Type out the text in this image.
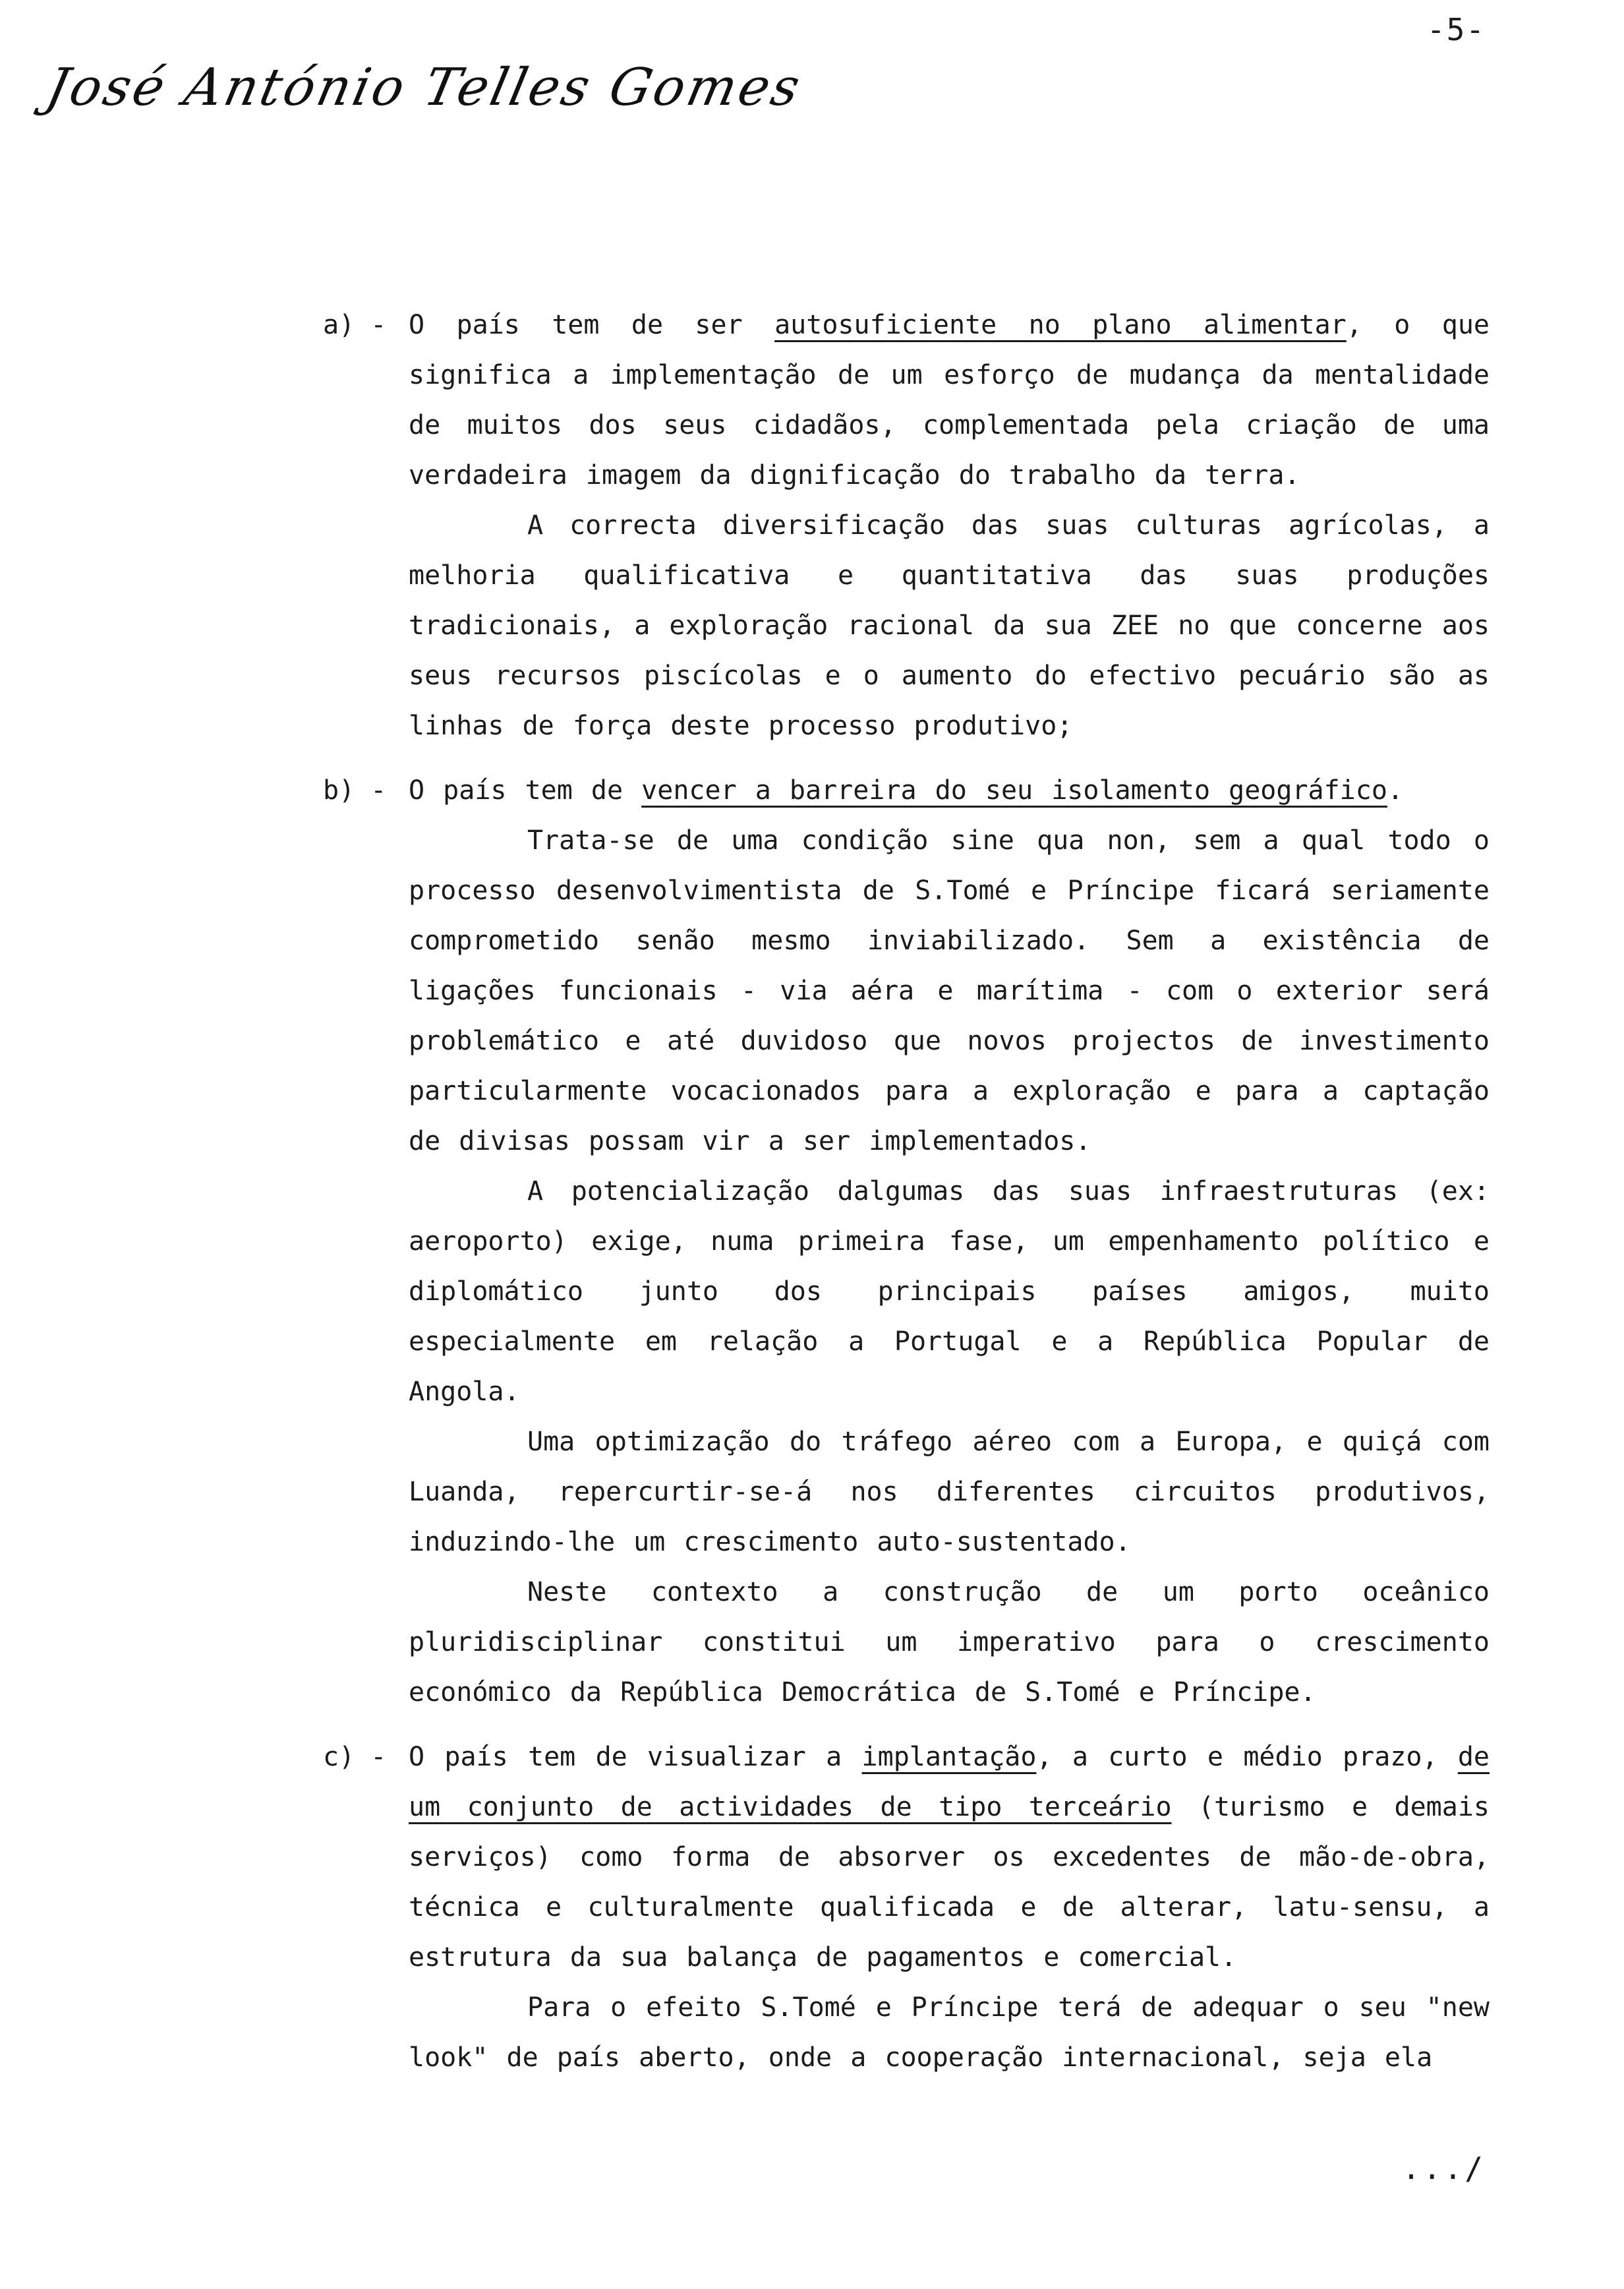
-5-
José António Telles Gomes
a) - O país tem de ser autosuficiente no plano alimentar, o que significa a implementação de um esforço de mudança da mentalidade de muitos dos seus cidadãos, complementada pela criação de uma verdadeira imagem da dignificação do trabalho da terra.

A correcta diversificação das suas culturas agrícolas, a melhoria qualificativa e quantitativa das suas produções tradicionais, a exploração racional da sua ZEE no que concerne aos seus recursos piscícolas e o aumento do efectivo pecuário são as linhas de força deste processo produtivo;

b) - O país tem de vencer a barreira do seu isolamento geográfico.

Trata-se de uma condição sine qua non, sem a qual todo o processo desenvolvimentista de S.Tomé e Príncipe ficará seriamente comprometido senão mesmo inviabilizado. Sem a existência de ligações funcionais - via aéra e marítima - com o exterior será problemático e até duvidoso que novos projectos de investimento particularmente vocacionados para a exploração e para a captação de divisas possam vir a ser implementados.

A potencialização dalgumas das suas infraestruturas (ex: aeroporto) exige, numa primeira fase, um empenhamento político e diplomático junto dos principais países amigos, muito especialmente em relação a Portugal e a República Popular de Angola.

Uma optimização do tráfego aéreo com a Europa, e quiçá com Luanda, repercurtir-se-á nos diferentes circuitos produtivos, induzindo-lhe um crescimento auto-sustentado.

Neste contexto a construção de um porto oceânico pluridisciplinar constitui um imperativo para o crescimento económico da República Democrática de S.Tomé e Príncipe.

c) - O país tem de visualizar a implantação, a curto e médio prazo, de um conjunto de actividades de tipo terceário (turismo e demais serviços) como forma de absorver os excedentes de mão-de-obra, técnica e culturalmente qualificada e de alterar, latu-sensu, a estrutura da sua balança de pagamentos e comercial.

Para o efeito S.Tomé e Príncipe terá de adequar o seu "new look" de país aberto, onde a cooperação internacional, seja ela

.../
